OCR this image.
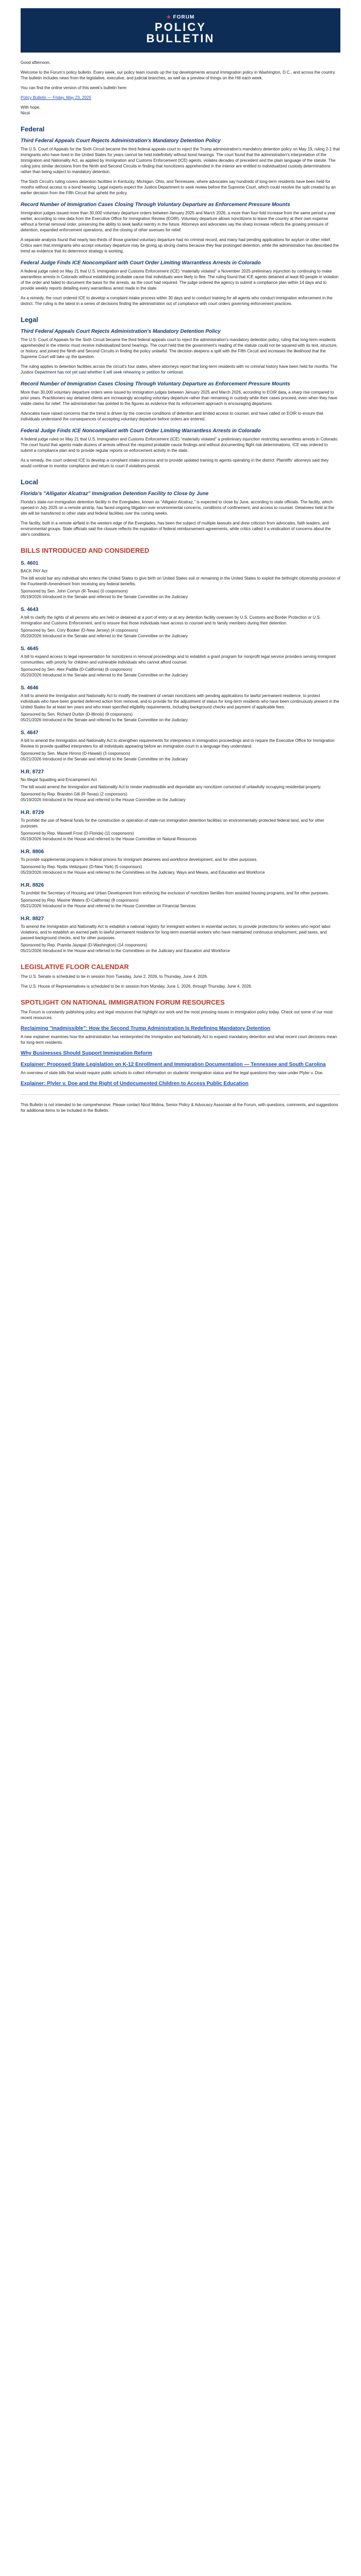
★ FORUM
POLICY
BULLETIN

Good afternoon,

Welcome to the Forum's policy bulletin. Every week, our policy team rounds up the top developments around immigration policy in Washington, D.C., and across the country. The bulletin includes news from the legislative, executive, and judicial branches, as well as a preview of things on the Hill each week.

You can find the online version of this week's bulletin here:

Policy Bulletin — Friday, May 23, 2025

With hope,

Nicol

Federal
Third Federal Appeals Court Rejects Administration's Mandatory Detention Policy

The U.S. Court of Appeals for the Sixth Circuit became the third federal appeals court to reject the Trump administration's mandatory detention policy on May 19, ruling 2-1 that immigrants who have lived in the United States for years cannot be held indefinitely without bond hearings. The court found that the administration's interpretation of the Immigration and Nationality Act, as applied by Immigration and Customs Enforcement (ICE) agents, violates decades of precedent and the plain language of the statute. The ruling joins similar decisions from the Ninth and Second Circuits in finding that noncitizens apprehended in the interior are entitled to individualized custody determinations rather than being subject to mandatory detention.

The Sixth Circuit's ruling covers detention facilities in Kentucky, Michigan, Ohio, and Tennessee, where advocates say hundreds of long-term residents have been held for months without access to a bond hearing. Legal experts expect the Justice Department to seek review before the Supreme Court, which could resolve the split created by an earlier decision from the Fifth Circuit that upheld the policy.

Record Number of Immigration Cases Closing Through Voluntary Departure as Enforcement Pressure Mounts

Immigration judges issued more than 30,000 voluntary departure orders between January 2025 and March 2026, a more than four-fold increase from the same period a year earlier, according to new data from the Executive Office for Immigration Review (EOIR). Voluntary departure allows noncitizens to leave the country at their own expense without a formal removal order, preserving the ability to seek lawful reentry in the future. Attorneys and advocates say the sharp increase reflects the growing pressure of detention, expanded enforcement operations, and the closing of other avenues for relief.

A separate analysis found that nearly two-thirds of those granted voluntary departure had no criminal record, and many had pending applications for asylum or other relief. Critics warn that immigrants who accept voluntary departure may be giving up strong claims because they fear prolonged detention, while the administration has described the trend as evidence that its deterrence strategy is working.

Federal Judge Finds ICE Noncompliant with Court Order Limiting Warrantless Arrests in Colorado

A federal judge ruled on May 21 that U.S. Immigration and Customs Enforcement (ICE) "materially violated" a November 2025 preliminary injunction by continuing to make warrantless arrests in Colorado without establishing probable cause that individuals were likely to flee. The ruling found that ICE agents detained at least 60 people in violation of the order and failed to document the basis for the arrests, as the court had required. The judge ordered the agency to submit a compliance plan within 14 days and to provide weekly reports detailing every warrantless arrest made in the state.

As a remedy, the court ordered ICE to develop a complaint intake process within 30 days and to conduct training for all agents who conduct immigration enforcement in the district. The ruling is the latest in a series of decisions finding the administration out of compliance with court orders governing enforcement practices.

Legal
Third Federal Appeals Court Rejects Administration's Mandatory Detention Policy

The U.S. Court of Appeals for the Sixth Circuit became the third federal appeals court to reject the administration's mandatory detention policy, ruling that long-term residents apprehended in the interior must receive individualized bond hearings. The court held that the government's reading of the statute could not be squared with its text, structure, or history, and joined the Ninth and Second Circuits in finding the policy unlawful. The decision deepens a split with the Fifth Circuit and increases the likelihood that the Supreme Court will take up the question.

The ruling applies to detention facilities across the circuit's four states, where attorneys report that long-term residents with no criminal history have been held for months. The Justice Department has not yet said whether it will seek rehearing or petition for certiorari.

Record Number of Immigration Cases Closing Through Voluntary Departure as Enforcement Pressure Mounts

More than 30,000 voluntary departure orders were issued by immigration judges between January 2025 and March 2026, according to EOIR data, a sharp rise compared to prior years. Practitioners say detained clients are increasingly accepting voluntary departure rather than remaining in custody while their cases proceed, even when they have viable claims for relief. The administration has pointed to the figures as evidence that its enforcement approach is encouraging departures.

Advocates have raised concerns that the trend is driven by the coercive conditions of detention and limited access to counsel, and have called on EOIR to ensure that individuals understand the consequences of accepting voluntary departure before orders are entered.

Federal Judge Finds ICE Noncompliant with Court Order Limiting Warrantless Arrests in Colorado

A federal judge ruled on May 21 that U.S. Immigration and Customs Enforcement (ICE) "materially violated" a preliminary injunction restricting warrantless arrests in Colorado. The court found that agents made dozens of arrests without the required probable cause findings and without documenting flight risk determinations. ICE was ordered to submit a compliance plan and to provide regular reports on enforcement activity in the state.

As a remedy, the court ordered ICE to develop a complaint intake process and to provide updated training to agents operating in the district. Plaintiffs' attorneys said they would continue to monitor compliance and return to court if violations persist.

Local
Florida's "Alligator Alcatraz" Immigration Detention Facility to Close by June

Florida's state-run immigration detention facility in the Everglades, known as "Alligator Alcatraz," is expected to close by June, according to state officials. The facility, which opened in July 2025 on a remote airstrip, has faced ongoing litigation over environmental concerns, conditions of confinement, and access to counsel. Detainees held at the site will be transferred to other state and federal facilities over the coming weeks.

The facility, built in a remote airfield in the western edge of the Everglades, has been the subject of multiple lawsuits and drew criticism from advocates, faith leaders, and environmental groups. State officials said the closure reflects the expiration of federal reimbursement agreements, while critics called it a vindication of concerns about the site's conditions.

BILLS INTRODUCED AND CONSIDERED
S. 4601

BACK PAY Act

The bill would bar any individual who enters the United States to give birth on United States soil or remaining in the United States to exploit the birthright citizenship provision of the Fourteenth Amendment from receiving any federal benefits.

Sponsored by Sen. John Cornyn (R-Texas) (0 cosponsors)

05/19/2026 Introduced in the Senate and referred to the Senate Committee on the Judiciary

S. 4643

A bill to clarify the rights of all persons who are held or detained at a port of entry or at any detention facility overseen by U.S. Customs and Border Protection or U.S. Immigration and Customs Enforcement, and to ensure that those individuals have access to counsel and to family members during their detention.

Sponsored by Sen. Cory Booker (D-New Jersey) (4 cosponsors)

05/20/2026 Introduced in the Senate and referred to the Senate Committee on the Judiciary

S. 4645

A bill to expand access to legal representation for noncitizens in removal proceedings and to establish a grant program for nonprofit legal service providers serving immigrant communities, with priority for children and vulnerable individuals who cannot afford counsel.

Sponsored by Sen. Alex Padilla (D-California) (6 cosponsors)

05/20/2026 Introduced in the Senate and referred to the Senate Committee on the Judiciary

S. 4646

A bill to amend the Immigration and Nationality Act to modify the treatment of certain noncitizens with pending applications for lawful permanent residence, to protect individuals who have been granted deferred action from removal, and to provide for the adjustment of status for long-term residents who have been continuously present in the United States for at least ten years and who meet specified eligibility requirements, including background checks and payment of applicable fees.

Sponsored by Sen. Richard Durbin (D-Illinois) (9 cosponsors)

05/21/2026 Introduced in the Senate and referred to the Senate Committee on the Judiciary

S. 4647

A bill to amend the Immigration and Nationality Act to strengthen requirements for interpreters in immigration proceedings and to require the Executive Office for Immigration Review to provide qualified interpreters for all individuals appearing before an immigration court in a language they understand.

Sponsored by Sen. Mazie Hirono (D-Hawaii) (3 cosponsors)

05/21/2026 Introduced in the Senate and referred to the Senate Committee on the Judiciary

H.R. 8727

No Illegal Squatting and Encampment Act

The bill would amend the Immigration and Nationality Act to render inadmissible and deportable any noncitizen convicted of unlawfully occupying residential property.

Sponsored by Rep. Brandon Gill (R-Texas) (2 cosponsors)

05/19/2026 Introduced in the House and referred to the House Committee on the Judiciary

H.R. 8729

To prohibit the use of federal funds for the construction or operation of state-run immigration detention facilities on environmentally protected federal land, and for other purposes.

Sponsored by Rep. Maxwell Frost (D-Florida) (11 cosponsors)

05/19/2026 Introduced in the House and referred to the House Committee on Natural Resources

H.R. 8806

To provide supplemental programs in federal prisons for immigrant detainees and workforce development, and for other purposes.

Sponsored by Rep. Nydia Velázquez (D-New York) (5 cosponsors)

05/20/2026 Introduced in the House and referred to the Committees on the Judiciary, Ways and Means, and Education and Workforce

H.R. 8826

To prohibit the Secretary of Housing and Urban Development from enforcing the exclusion of noncitizen families from assisted housing programs, and for other purposes.

Sponsored by Rep. Maxine Waters (D-California) (8 cosponsors)

05/21/2026 Introduced in the House and referred to the House Committee on Financial Services

H.R. 8827

To amend the Immigration and Nationality Act to establish a national registry for immigrant workers in essential sectors, to provide protections for workers who report labor violations, and to establish an earned path to lawful permanent residence for long-term essential workers who have maintained continuous employment, paid taxes, and passed background checks, and for other purposes.

Sponsored by Rep. Pramila Jayapal (D-Washington) (14 cosponsors)

05/21/2026 Introduced in the House and referred to the Committees on the Judiciary and Education and Workforce

LEGISLATIVE FLOOR CALENDAR

The U.S. Senate is scheduled to be in session from Tuesday, June 2, 2026, to Thursday, June 4, 2026.

The U.S. House of Representatives is scheduled to be in session from Monday, June 1, 2026, through Thursday, June 4, 2026.

SPOTLIGHT ON NATIONAL IMMIGRATION FORUM RESOURCES

The Forum is constantly publishing policy and legal resources that highlight our work and the most pressing issues in immigration policy today. Check out some of our most recent resources:

Reclaiming "Inadmissible": How the Second Trump Administration Is Redefining Mandatory Detention

A new explainer examines how the administration has reinterpreted the Immigration and Nationality Act to expand mandatory detention and what recent court decisions mean for long-term residents.

Why Businesses Should Support Immigration Reform
Explainer: Proposed State Legislation on K-12 Enrollment and Immigration Documentation — Tennessee and South Carolina

An overview of state bills that would require public schools to collect information on students' immigration status and the legal questions they raise under Plyler v. Doe.

Explainer: Plyler v. Doe and the Right of Undocumented Children to Access Public Education

This Bulletin is not intended to be comprehensive. Please contact Nicol Molina, Senior Policy & Advocacy Associate at the Forum, with questions, comments, and suggestions for additional items to be included in the Bulletin.
